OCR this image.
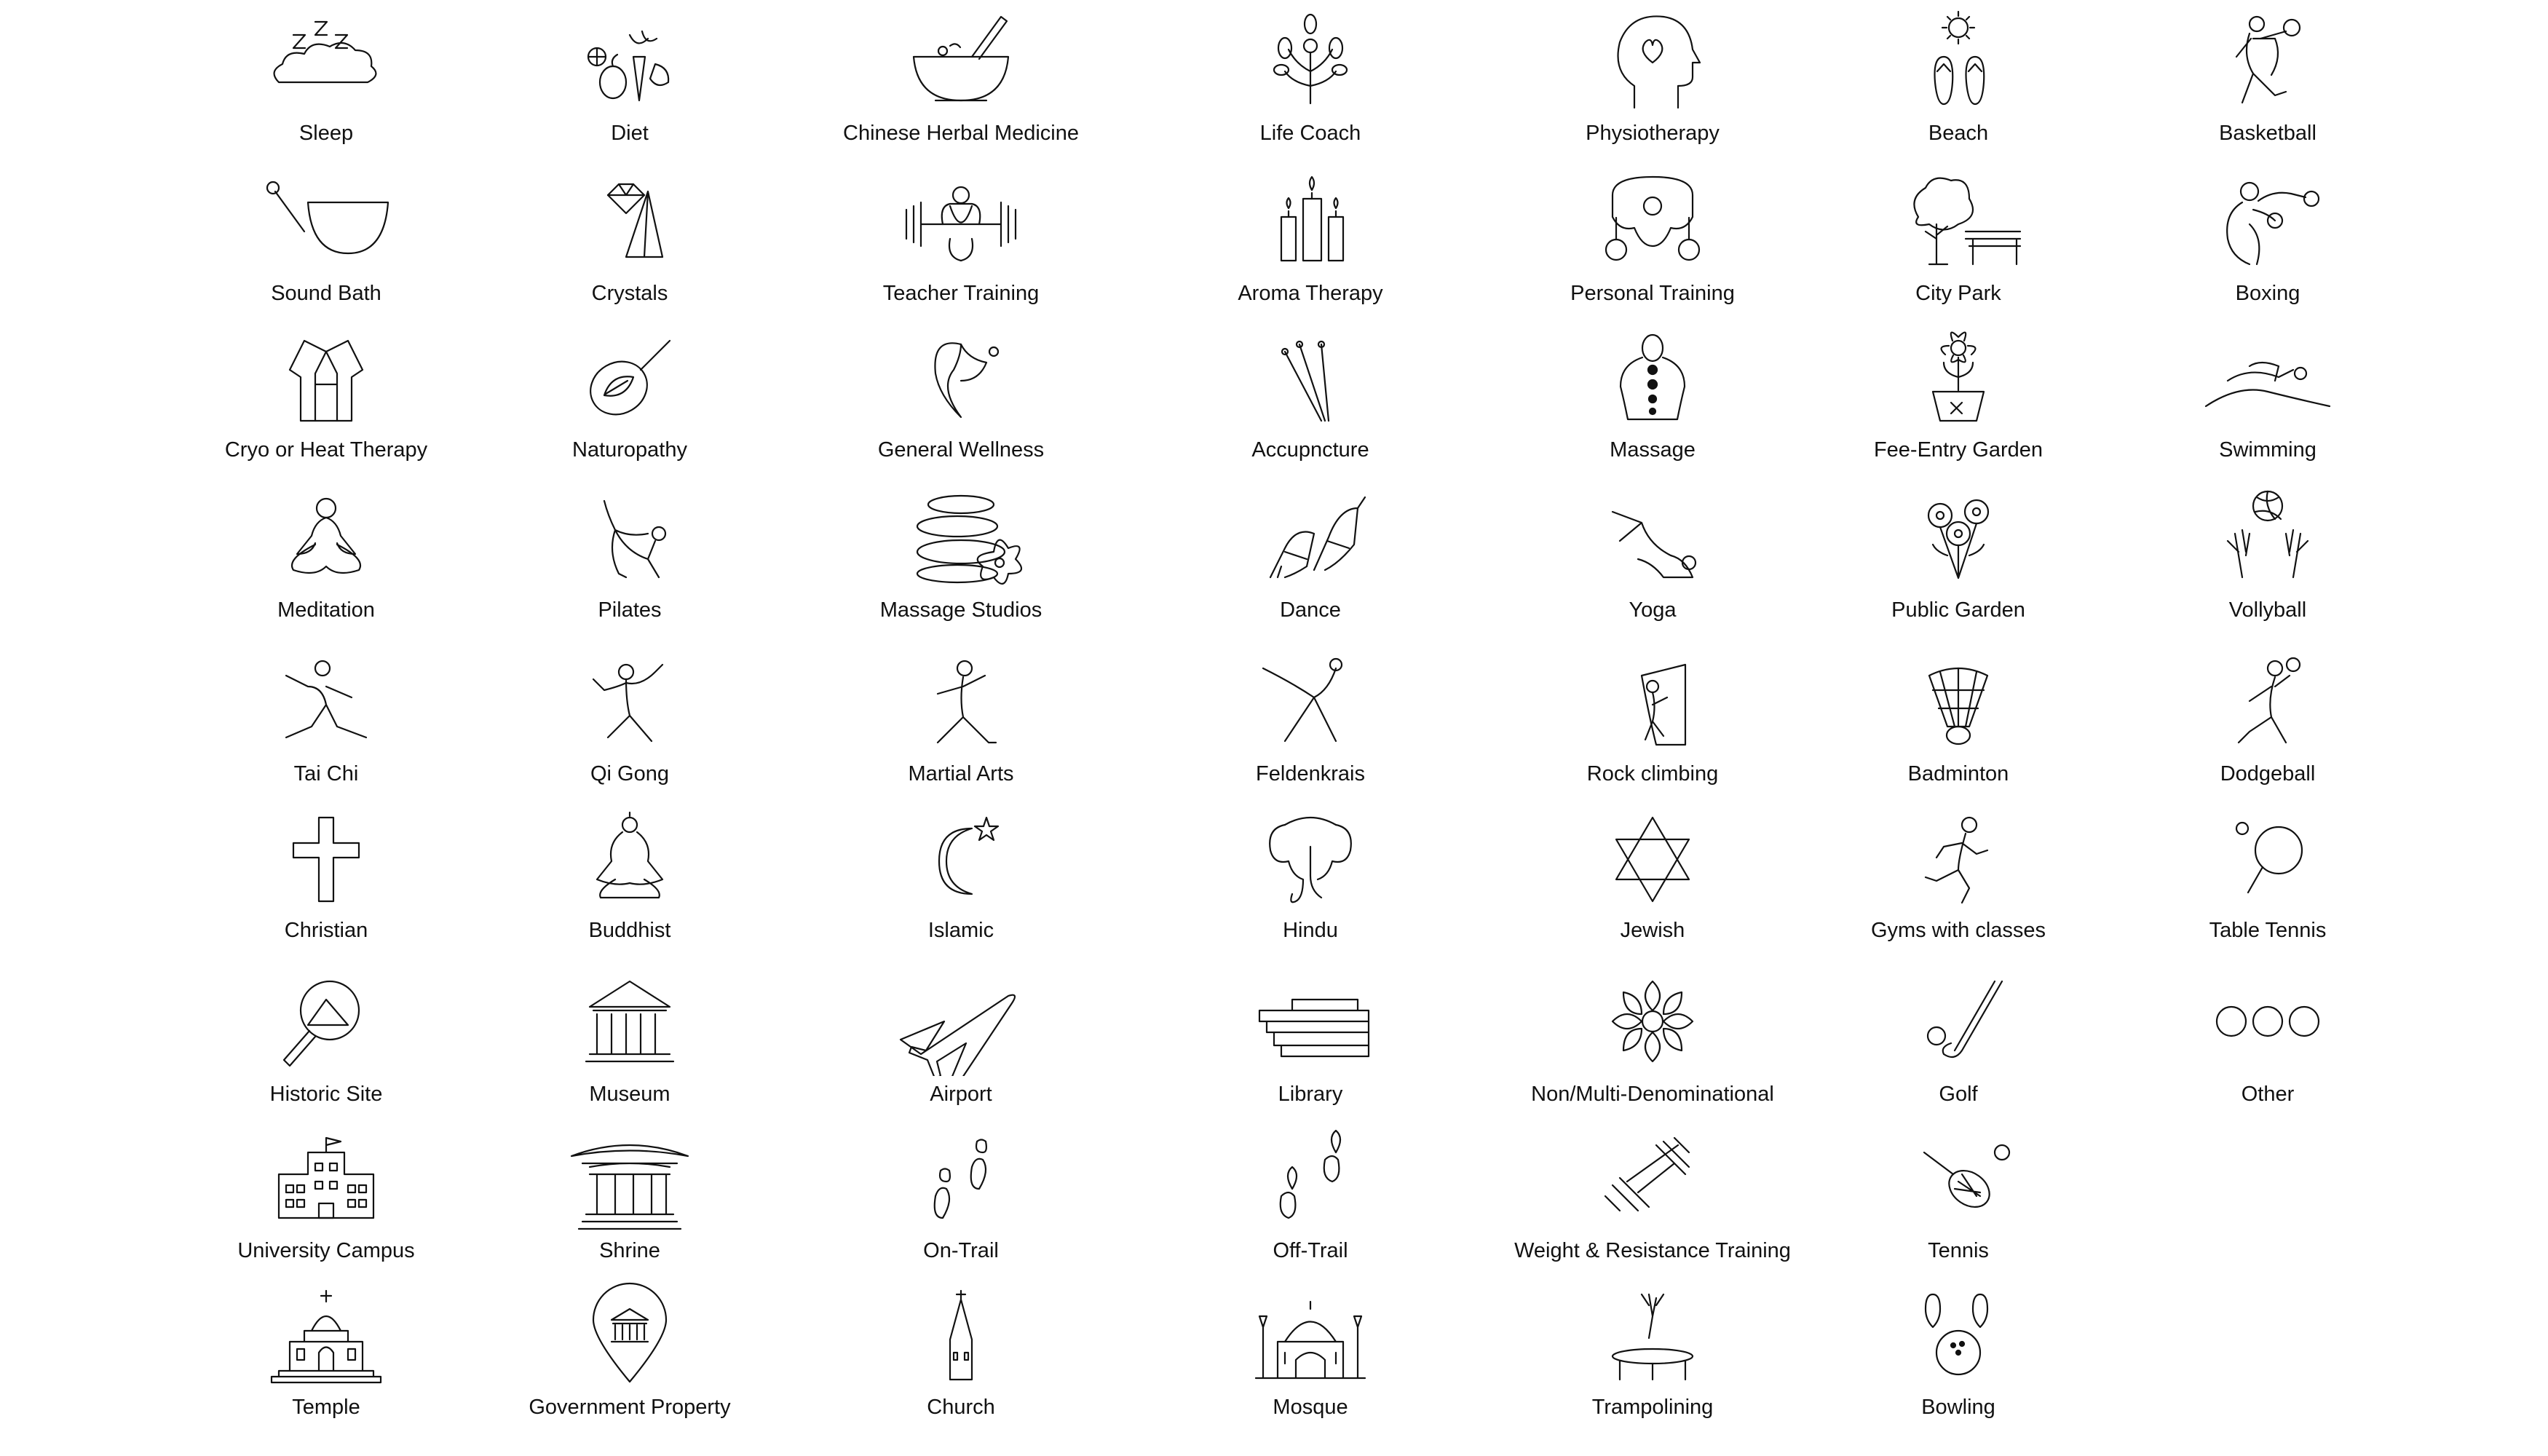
Sleep	Diet	Chinese Herbal Medicine	Life Coach	Physiotherapy	Beach	Basketball
Sound Bath	Crystals	Teacher Training	Aroma Therapy	Personal Training	City Park	Boxing
Cryo or Heat Therapy	Naturopathy	General Wellness	Accupncture	Massage	Fee-Entry Garden	Swimming
Meditation	Pilates	Massage Studios	Dance	Yoga	Public Garden	Vollyball
Tai Chi	Qi Gong	Martial Arts	Feldenkrais	Rock climbing	Badminton	Dodgeball
Christian	Buddhist	Islamic	Hindu	Jewish	Gyms with classes	Table Tennis
Historic Site	Museum	Airport	Library	Non/Multi-Denominational	Golf	Other
University Campus	Shrine	On-Trail	Off-Trail	Weight & Resistance Training	Tennis
Temple	Government Property	Church	Mosque	Trampolining	Bowling
